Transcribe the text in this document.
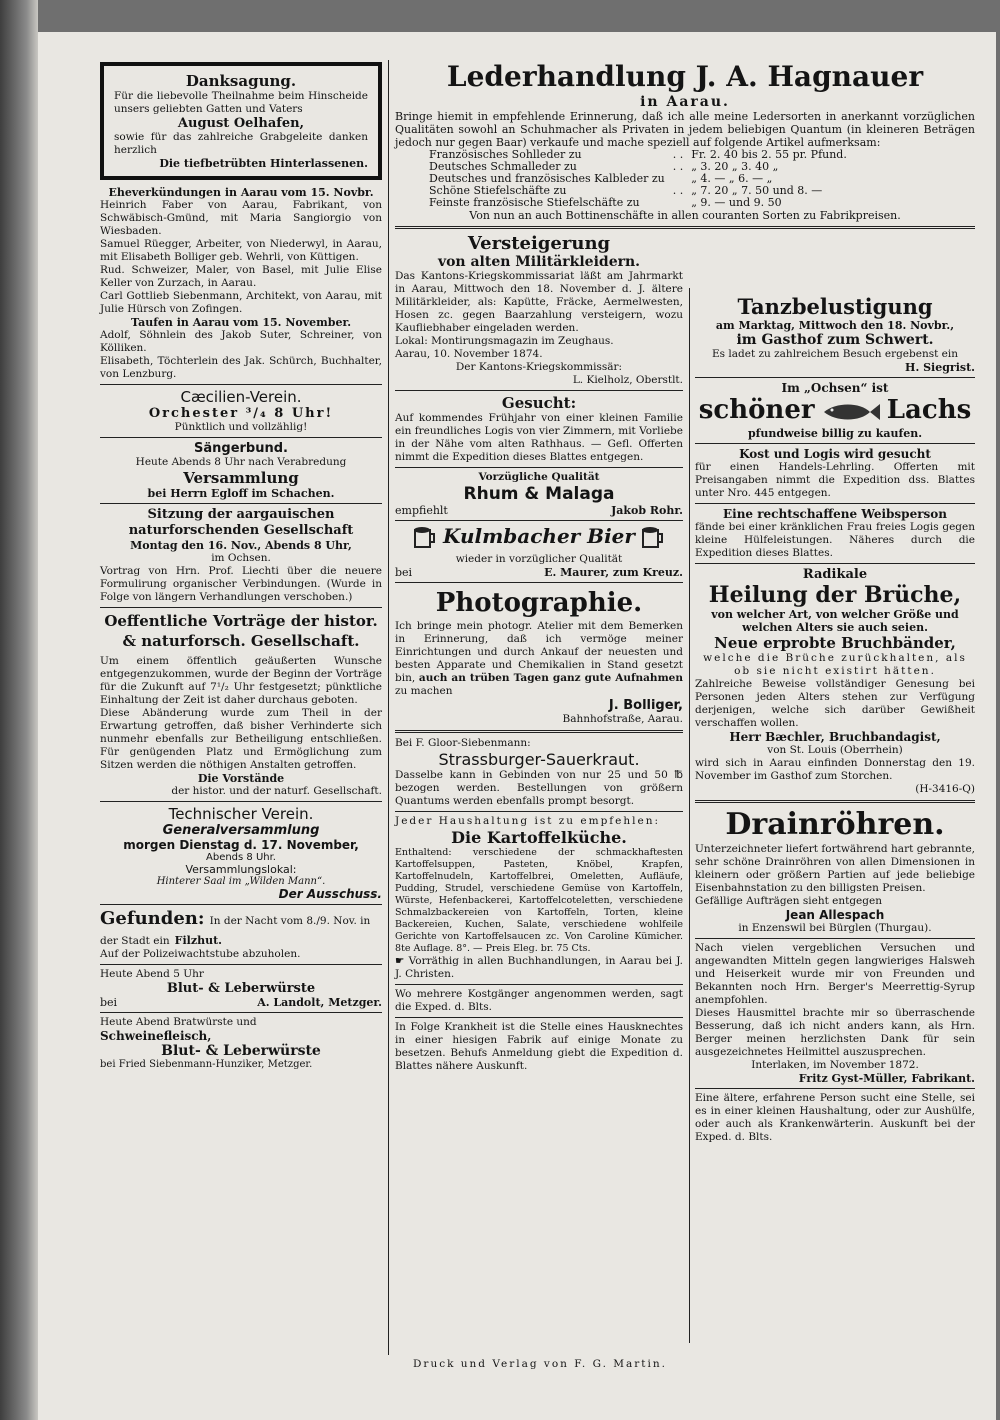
Danksagung.

Für die liebevolle Theilnahme beim Hinscheide unsers geliebten Gatten und Vaters

August Oelhafen,

sowie für das zahlreiche Grabgeleite danken herzlich

Die tiefbetrübten Hinterlassenen.
Eheverkündungen in Aarau vom 15. Novbr.

Heinrich Faber von Aarau, Fabrikant, von Schwäbisch-Gmünd, mit Maria Sangiorgio von Wiesbaden.

Samuel Rüegger, Arbeiter, von Niederwyl, in Aarau, mit Elisabeth Bolliger geb. Wehrli, von Küttigen.

Rud. Schweizer, Maler, von Basel, mit Julie Elise Keller von Zurzach, in Aarau.

Carl Gottlieb Siebenmann, Architekt, von Aarau, mit Julie Hürsch von Zofingen.

Taufen in Aarau vom 15. November.

Adolf, Söhnlein des Jakob Suter, Schreiner, von Kölliken.

Elisabeth, Töchterlein des Jak. Schürch, Buchhalter, von Lenzburg.

Cæcilien-Verein.
Orchester ³/₄ 8 Uhr!
Pünktlich und vollzählig!
Sängerbund.
Heute Abends 8 Uhr nach Verabredung
Versammlung
bei Herrn Egloff im Schachen.
Sitzung der aargauischen naturforschenden Gesellschaft
Montag den 16. Nov., Abends 8 Uhr,
im Ochsen.

Vortrag von Hrn. Prof. Liechti über die neuere Formulirung organischer Verbindungen. (Wurde in Folge von längern Verhandlungen verschoben.)

Oeffentliche Vorträge der histor. & naturforsch. Gesellschaft.

Um einem öffentlich geäußerten Wunsche entgegenzukommen, wurde der Beginn der Vorträge für die Zukunft auf 7¹/₂ Uhr festgesetzt; pünktliche Einhaltung der Zeit ist daher durchaus geboten.

Diese Abänderung wurde zum Theil in der Erwartung getroffen, daß bisher Verhinderte sich nunmehr ebenfalls zur Betheiligung entschließen. Für genügenden Platz und Ermöglichung zum Sitzen werden die nöthigen Anstalten getroffen.

Die Vorstände
der histor. und der naturf. Gesellschaft.
Technischer Verein.
Generalversammlung
morgen Dienstag d. 17. November,
Abends 8 Uhr.
Versammlungslokal:
Hinterer Saal im „Wilden Mann“.
Der Ausschuss.
Gefunden: In der Nacht vom 8./9. Nov. in der Stadt ein Filzhut.
Auf der Polizeiwachtstube abzuholen.
Heute Abend 5 Uhr
Blut- & Leberwürste
bei	A. Landolt, Metzger.
Heute Abend Bratwürste und
Schweinefleisch,
Blut- & Leberwürste
bei Fried Siebenmann-Hunziker, Metzger.
Lederhandlung J. A. Hagnauer
in Aarau.

Bringe hiemit in empfehlende Erinnerung, daß ich alle meine Ledersorten in anerkannt vorzüglichen Qualitäten sowohl an Schuhmacher als Privaten in jedem beliebigen Quantum (in kleineren Beträgen jedoch nur gegen Baar) verkaufe und mache speziell auf folgende Artikel aufmerksam:

Französisches Sohlleder zu	. .	Fr. 2. 40 bis 2. 55 pr. Pfund.
Deutsches Schmalleder zu	. .	„ 3. 20 „ 3. 40 „
Deutsches und französisches Kalbleder zu		„ 4. — „ 6. — „
Schöne Stiefelschäfte zu	. .	„ 7. 20 „ 7. 50 und 8. —
Feinste französische Stiefelschäfte zu		„ 9. — und 9. 50
Von nun an auch Bottinenschäfte in allen couranten Sorten zu Fabrikpreisen.
Versteigerung
von alten Militärkleidern.

Das Kantons-Kriegskommissariat läßt am Jahrmarkt in Aarau, Mittwoch den 18. November d. J. ältere Militärkleider, als: Kapütte, Fräcke, Aermelwesten, Hosen zc. gegen Baarzahlung versteigern, wozu Kaufliebhaber eingeladen werden.

Lokal: Montirungsmagazin im Zeughaus.
Aarau, 10. November 1874.
Der Kantons-Kriegskommissär:
L. Kielholz, Oberstlt.
Gesucht:

Auf kommendes Frühjahr von einer kleinen Familie ein freundliches Logis von vier Zimmern, mit Vorliebe in der Nähe vom alten Rathhaus. — Gefl. Offerten nimmt die Expedition dieses Blattes entgegen.

Vorzügliche Qualität
Rhum & Malaga
empfiehlt	Jakob Rohr.
Kulmbacher Bier
wieder in vorzüglicher Qualität
bei	E. Maurer, zum Kreuz.
Photographie.

Ich bringe mein photogr. Atelier mit dem Bemerken in Erinnerung, daß ich vermöge meiner Einrichtungen und durch Ankauf der neuesten und besten Apparate und Chemikalien in Stand gesetzt bin, auch an trüben Tagen ganz gute Aufnahmen zu machen

J. Bolliger,
Bahnhofstraße, Aarau.
Bei F. Gloor-Siebenmann:
Strassburger-Sauerkraut.

Dasselbe kann in Gebinden von nur 25 und 50 ℔ bezogen werden. Bestellungen von größern Quantums werden ebenfalls prompt besorgt.

Jeder Haushaltung ist zu empfehlen:
Die Kartoffelküche.

Enthaltend: verschiedene der schmackhaftesten Kartoffelsuppen, Pasteten, Knöbel, Krapfen, Kartoffelnudeln, Kartoffelbrei, Omeletten, Aufläufe, Pudding, Strudel, verschiedene Gemüse von Kartoffeln, Würste, Hefenbackerei, Kartoffelcoteletten, verschiedene Schmalzbackereien von Kartoffeln, Torten, kleine Backereien, Kuchen, Salate, verschiedene wohlfeile Gerichte von Kartoffelsaucen zc. Von Caroline Kümicher. 8te Auflage. 8°. — Preis Eleg. br. 75 Cts.

☛ Vorräthig in allen Buchhandlungen, in Aarau bei J. J. Christen.

Wo mehrere Kostgänger angenommen werden, sagt die Exped. d. Blts.

In Folge Krankheit ist die Stelle eines Hausknechtes in einer hiesigen Fabrik auf einige Monate zu besetzen. Behufs Anmeldung giebt die Expedition d. Blattes nähere Auskunft.

Tanzbelustigung
am Marktag, Mittwoch den 18. Novbr.,
im Gasthof zum Schwert.
Es ladet zu zahlreichem Besuch ergebenst ein
H. Siegrist.
Im „Ochsen“ ist
schöner	Lachs
pfundweise billig zu kaufen.
Kost und Logis wird gesucht

für einen Handels-Lehrling. Offerten mit Preisangaben nimmt die Expedition dss. Blattes unter Nro. 445 entgegen.

Eine rechtschaffene Weibsperson

fände bei einer kränklichen Frau freies Logis gegen kleine Hülfeleistungen. Näheres durch die Expedition dieses Blattes.

Radikale
Heilung der Brüche,
von welcher Art, von welcher Größe und welchen Alters sie auch seien.
Neue erprobte Bruchbänder,
welche die Brüche zurückhalten, als ob sie nicht existirt hätten.

Zahlreiche Beweise vollständiger Genesung bei Personen jeden Alters stehen zur Verfügung derjenigen, welche sich darüber Gewißheit verschaffen wollen.

Herr Bæchler, Bruchbandagist,
von St. Louis (Oberrhein)

wird sich in Aarau einfinden Donnerstag den 19. November im Gasthof zum Storchen.

(H-3416-Q)
Drainröhren.

Unterzeichneter liefert fortwährend hart gebrannte, sehr schöne Drainröhren von allen Dimensionen in kleinern oder größern Partien auf jede beliebige Eisenbahnstation zu den billigsten Preisen.

Gefällige Aufträgen sieht entgegen
Jean Allespach
in Enzenswil bei Bürglen (Thurgau).

Nach vielen vergeblichen Versuchen und angewandten Mitteln gegen langwieriges Halsweh und Heiserkeit wurde mir von Freunden und Bekannten noch Hrn. Berger's Meerrettig-Syrup anempfohlen.

Dieses Hausmittel brachte mir so überraschende Besserung, daß ich nicht anders kann, als Hrn. Berger meinen herzlichsten Dank für sein ausgezeichnetes Heilmittel auszusprechen.

Interlaken, im November 1872.
Fritz Gyst-Müller, Fabrikant.

Eine ältere, erfahrene Person sucht eine Stelle, sei es in einer kleinen Haushaltung, oder zur Aushülfe, oder auch als Krankenwärterin. Auskunft bei der Exped. d. Blts.

Druck und Verlag von F. G. Martin.
